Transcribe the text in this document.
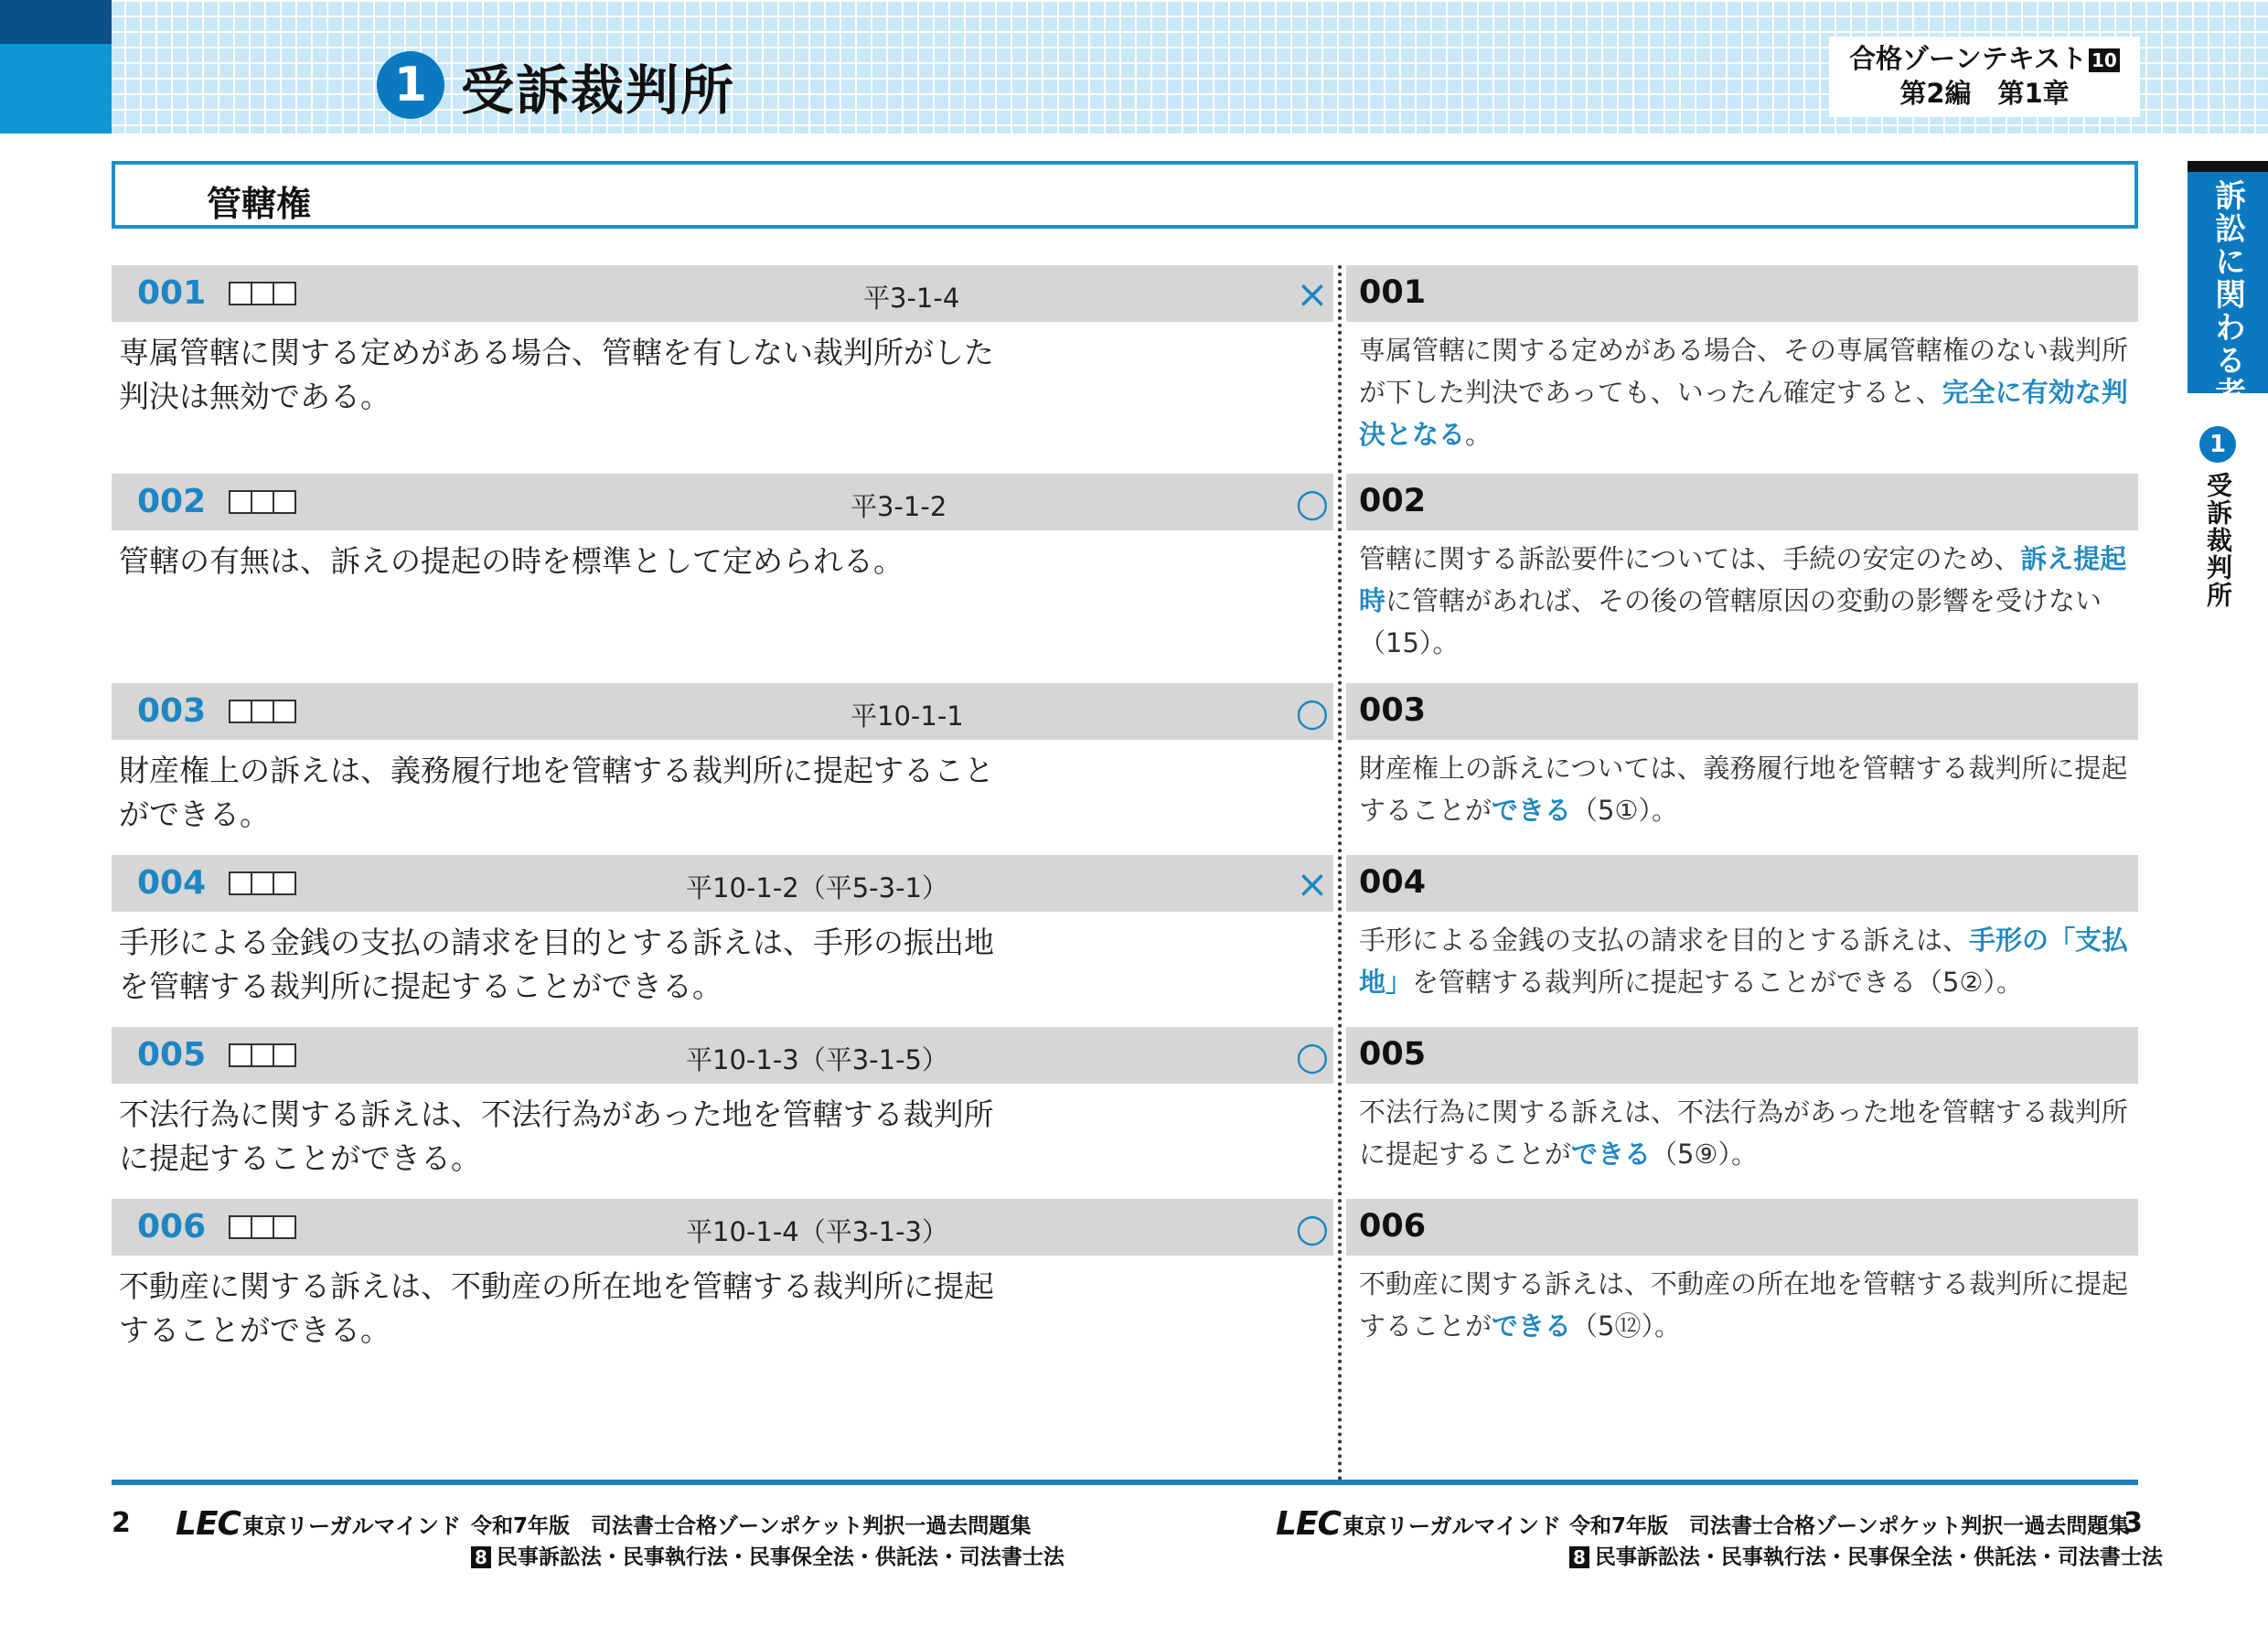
1 受訴裁判所
合格ゾーンテキスト 10
第2編　第1章
管轄権	訴訟に関わる者
1
受訴裁判所
001	平3-1-4	× 001
専属管轄に関する定めがある場合、管轄を有しない裁判所がした判決は無効である。
専属管轄に関する定めがある場合、その専属管轄権のない裁判所が下した判決であっても、いったん確定すると、完全に有効な判決となる。
002	平3-1-2	○ 002
管轄の有無は、訴えの提起の時を標準として定められる。	管轄に関する訴訟要件については、手続の安定のため、訴え提起時に管轄があれば、その後の管轄原因の変動の影響を受けない（15）。
003	平10-1-1	○ 003
財産権上の訴えは、義務履行地を管轄する裁判所に提起することができる。
財産権上の訴えについては、義務履行地を管轄する裁判所に提起することができる（5①）。
004	平10-1-2（平5-3-1）	× 004
手形による金銭の支払の請求を目的とする訴えは、手形の振出地を管轄する裁判所に提起することができる。
手形による金銭の支払の請求を目的とする訴えは、手形の「支払地」を管轄する裁判所に提起することができる（5②）。
005	平10-1-3（平3-1-5）	○ 005
不法行為に関する訴えは、不法行為があった地を管轄する裁判所に提起することができる。
不法行為に関する訴えは、不法行為があった地を管轄する裁判所に提起することができる（5⑨）。
006	平10-1-4（平3-1-3）	○ 006
不動産に関する訴えは、不動産の所在地を管轄する裁判所に提起することができる。
不動産に関する訴えは、不動産の所在地を管轄する裁判所に提起することができる（5⑫）。
2 LEC 東京リーガルマインド 令和7年版　司法書士合格ゾーンポケット判択一過去問題集
8 民事訴訟法・民事執行法・民事保全法・供託法・司法書士法
LEC 東京リーガルマインド 令和7年版　司法書士合格ゾーンポケット判択一過去問題集
8 民事訴訟法・民事執行法・民事保全法・供託法・司法書士法
3
